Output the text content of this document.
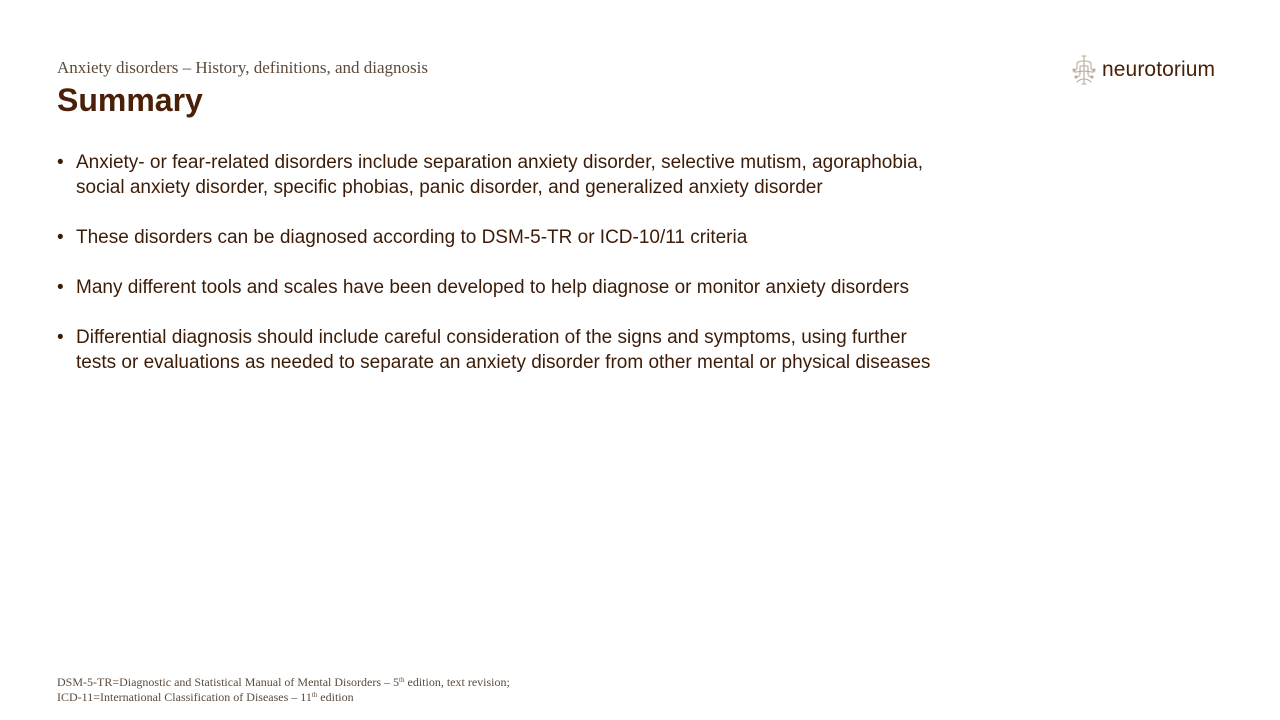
Anxiety disorders – History, definitions, and diagnosis
Summary
neurotorium
• Anxiety- or fear-related disorders include separation anxiety disorder, selective mutism, agoraphobia,
social anxiety disorder, specific phobias, panic disorder, and generalized anxiety disorder
• These disorders can be diagnosed according to DSM-5-TR or ICD-10/11 criteria
• Many different tools and scales have been developed to help diagnose or monitor anxiety disorders
• Differential diagnosis should include careful consideration of the signs and symptoms, using further
tests or evaluations as needed to separate an anxiety disorder from other mental or physical diseases
DSM-5-TR=Diagnostic and Statistical Manual of Mental Disorders – 5th edition, text revision;
ICD-11=International Classification of Diseases – 11th edition
